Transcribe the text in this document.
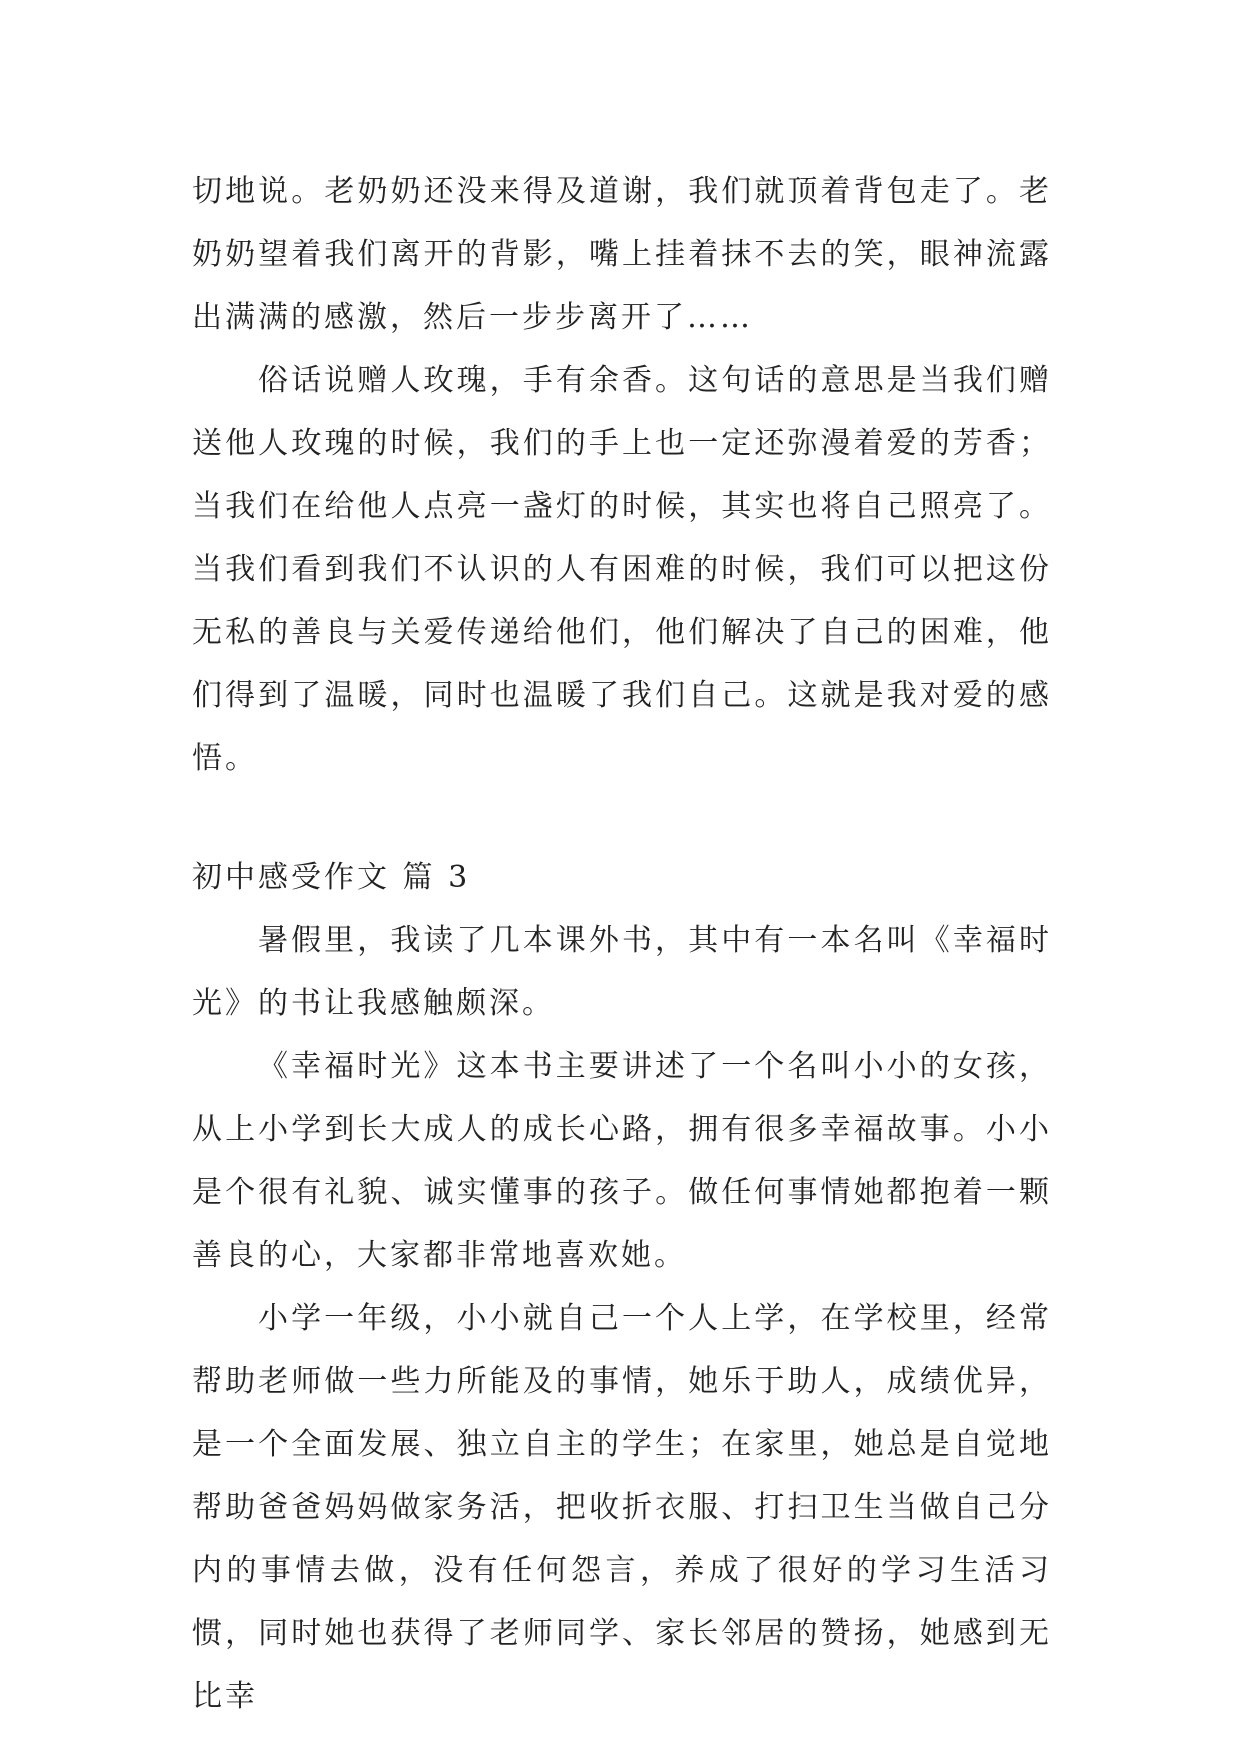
切地说。老奶奶还没来得及道谢，我们就顶着背包走了。老奶奶望着我们离开的背影，嘴上挂着抹不去的笑，眼神流露出满满的感激，然后一步步离开了……

俗话说赠人玫瑰，手有余香。这句话的意思是当我们赠送他人玫瑰的时候，我们的手上也一定还弥漫着爱的芳香；当我们在给他人点亮一盏灯的时候，其实也将自己照亮了。当我们看到我们不认识的人有困难的时候，我们可以把这份无私的善良与关爱传递给他们，他们解决了自己的困难，他们得到了温暖，同时也温暖了我们自己。这就是我对爱的感悟。

初中感受作文 篇 3

暑假里，我读了几本课外书，其中有一本名叫《幸福时光》的书让我感触颇深。

《幸福时光》这本书主要讲述了一个名叫小小的女孩，从上小学到长大成人的成长心路，拥有很多幸福故事。小小是个很有礼貌、诚实懂事的孩子。做任何事情她都抱着一颗善良的心，大家都非常地喜欢她。

小学一年级，小小就自己一个人上学，在学校里，经常帮助老师做一些力所能及的事情，她乐于助人，成绩优异，是一个全面发展、独立自主的学生；在家里，她总是自觉地帮助爸爸妈妈做家务活，把收折衣服、打扫卫生当做自己分内的事情去做，没有任何怨言，养成了很好的学习生活习惯，同时她也获得了老师同学、家长邻居的赞扬，她感到无比幸
